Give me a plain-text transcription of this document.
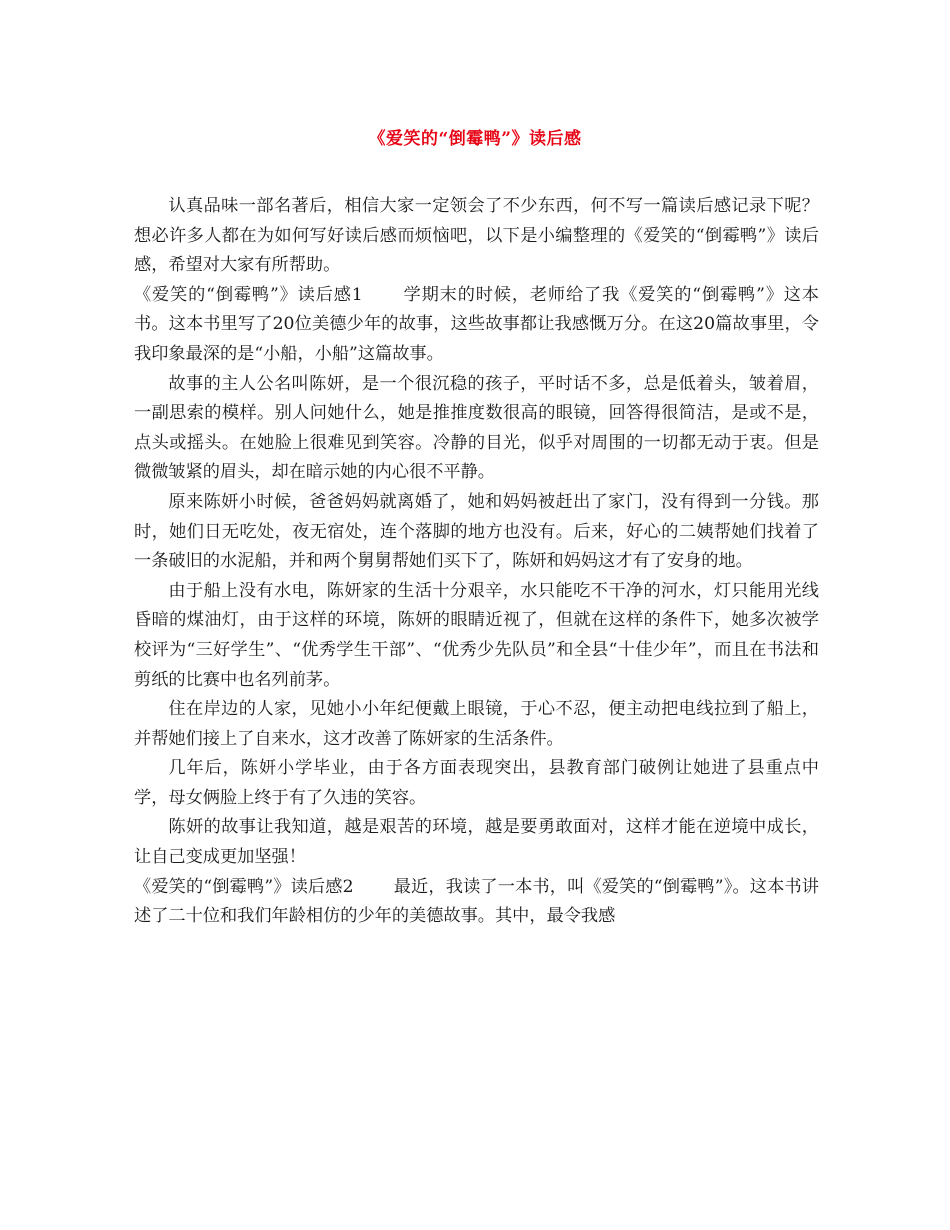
《爱笑的“倒霉鸭”》读后感

认真品味一部名著后，相信大家一定领会了不少东西，何不写一篇读后感记录下呢？想必许多人都在为如何写好读后感而烦恼吧，以下是小编整理的《爱笑的“倒霉鸭”》读后感，希望对大家有所帮助。

《爱笑的“倒霉鸭”》读后感1 学期末的时候，老师给了我《爱笑的“倒霉鸭”》这本书。这本书里写了20位美德少年的故事，这些故事都让我感慨万分。在这20篇故事里，令我印象最深的是“小船，小船”这篇故事。

故事的主人公名叫陈妍，是一个很沉稳的孩子，平时话不多，总是低着头，皱着眉，一副思索的模样。别人问她什么，她是推推度数很高的眼镜，回答得很简洁，是或不是，点头或摇头。在她脸上很难见到笑容。冷静的目光，似乎对周围的一切都无动于衷。但是微微皱紧的眉头，却在暗示她的内心很不平静。

原来陈妍小时候，爸爸妈妈就离婚了，她和妈妈被赶出了家门，没有得到一分钱。那时，她们日无吃处，夜无宿处，连个落脚的地方也没有。后来，好心的二姨帮她们找着了一条破旧的水泥船，并和两个舅舅帮她们买下了，陈妍和妈妈这才有了安身的地。

由于船上没有水电，陈妍家的生活十分艰辛，水只能吃不干净的河水，灯只能用光线昏暗的煤油灯，由于这样的环境，陈妍的眼睛近视了，但就在这样的条件下，她多次被学校评为“三好学生”、“优秀学生干部”、“优秀少先队员”和全县“十佳少年”，而且在书法和剪纸的比赛中也名列前茅。

住在岸边的人家，见她小小年纪便戴上眼镜，于心不忍，便主动把电线拉到了船上，并帮她们接上了自来水，这才改善了陈妍家的生活条件。

几年后，陈妍小学毕业，由于各方面表现突出，县教育部门破例让她进了县重点中学，母女俩脸上终于有了久违的笑容。

陈妍的故事让我知道，越是艰苦的环境，越是要勇敢面对，这样才能在逆境中成长，让自己变成更加坚强！

《爱笑的“倒霉鸭”》读后感2 最近，我读了一本书，叫《爱笑的“倒霉鸭”》。这本书讲述了二十位和我们年龄相仿的少年的美德故事。其中，最令我感
